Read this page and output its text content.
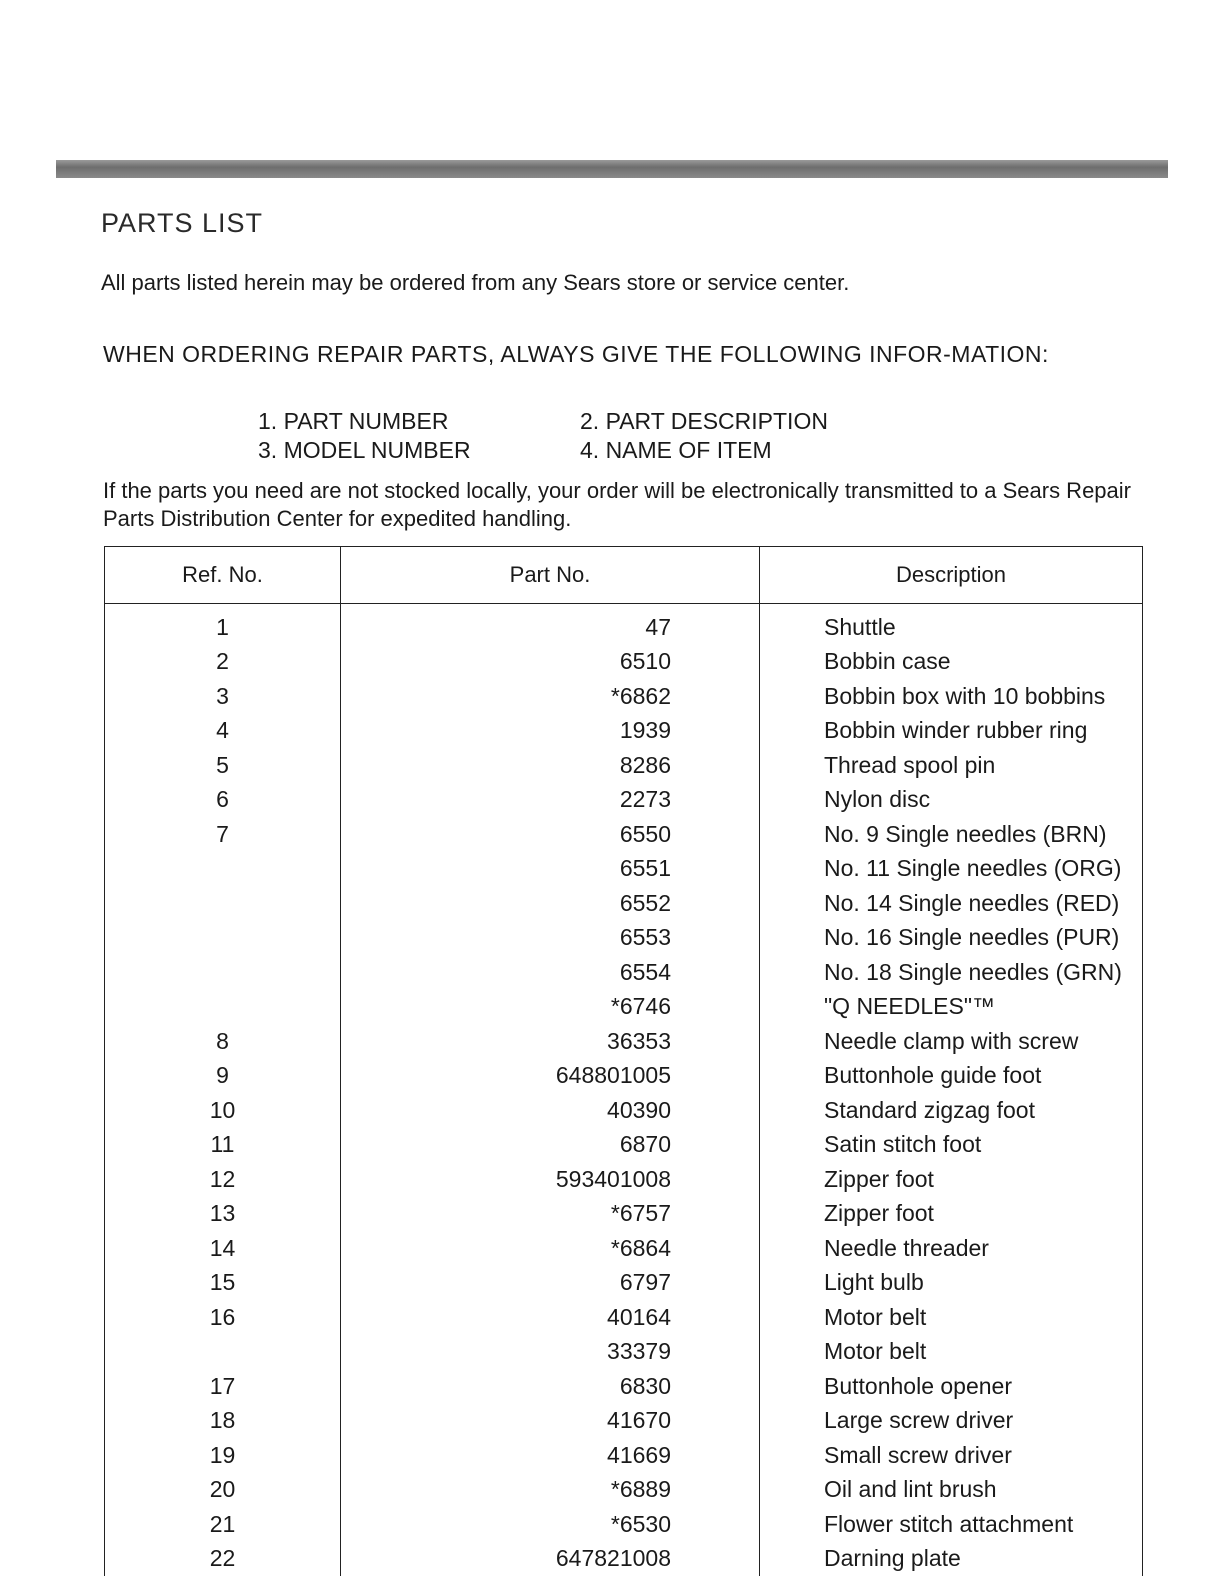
PARTS LIST
All parts listed herein may be ordered from any Sears store or service center.
WHEN ORDERING REPAIR PARTS, ALWAYS GIVE THE FOLLOWING INFOR-MATION:
1. PART NUMBER	2. PART DESCRIPTION
3. MODEL NUMBER	4. NAME OF ITEM
If the parts you need are not stocked locally, your order will be electronically transmitted to a Sears Repair Parts Distribution Center for expedited handling.
Ref. No.	Part No.	Description
1	47	Shuttle
2	6510	Bobbin case
3	*6862	Bobbin box with 10 bobbins
4	1939	Bobbin winder rubber ring
5	8286	Thread spool pin
6	2273	Nylon disc
7	6550	No. 9 Single needles (BRN)
	6551	No. 11 Single needles (ORG)
	6552	No. 14 Single needles (RED)
	6553	No. 16 Single needles (PUR)
	6554	No. 18 Single needles (GRN)
	*6746	"Q NEEDLES"™
8	36353	Needle clamp with screw
9	648801005	Buttonhole guide foot
10	40390	Standard zigzag foot
11	6870	Satin stitch foot
12	593401008	Zipper foot
13	*6757	Zipper foot
14	*6864	Needle threader
15	6797	Light bulb
16	40164	Motor belt
	33379	Motor belt
17	6830	Buttonhole opener
18	41670	Large screw driver
19	41669	Small screw driver
20	*6889	Oil and lint brush
21	*6530	Flower stitch attachment
22	647821008	Darning plate
